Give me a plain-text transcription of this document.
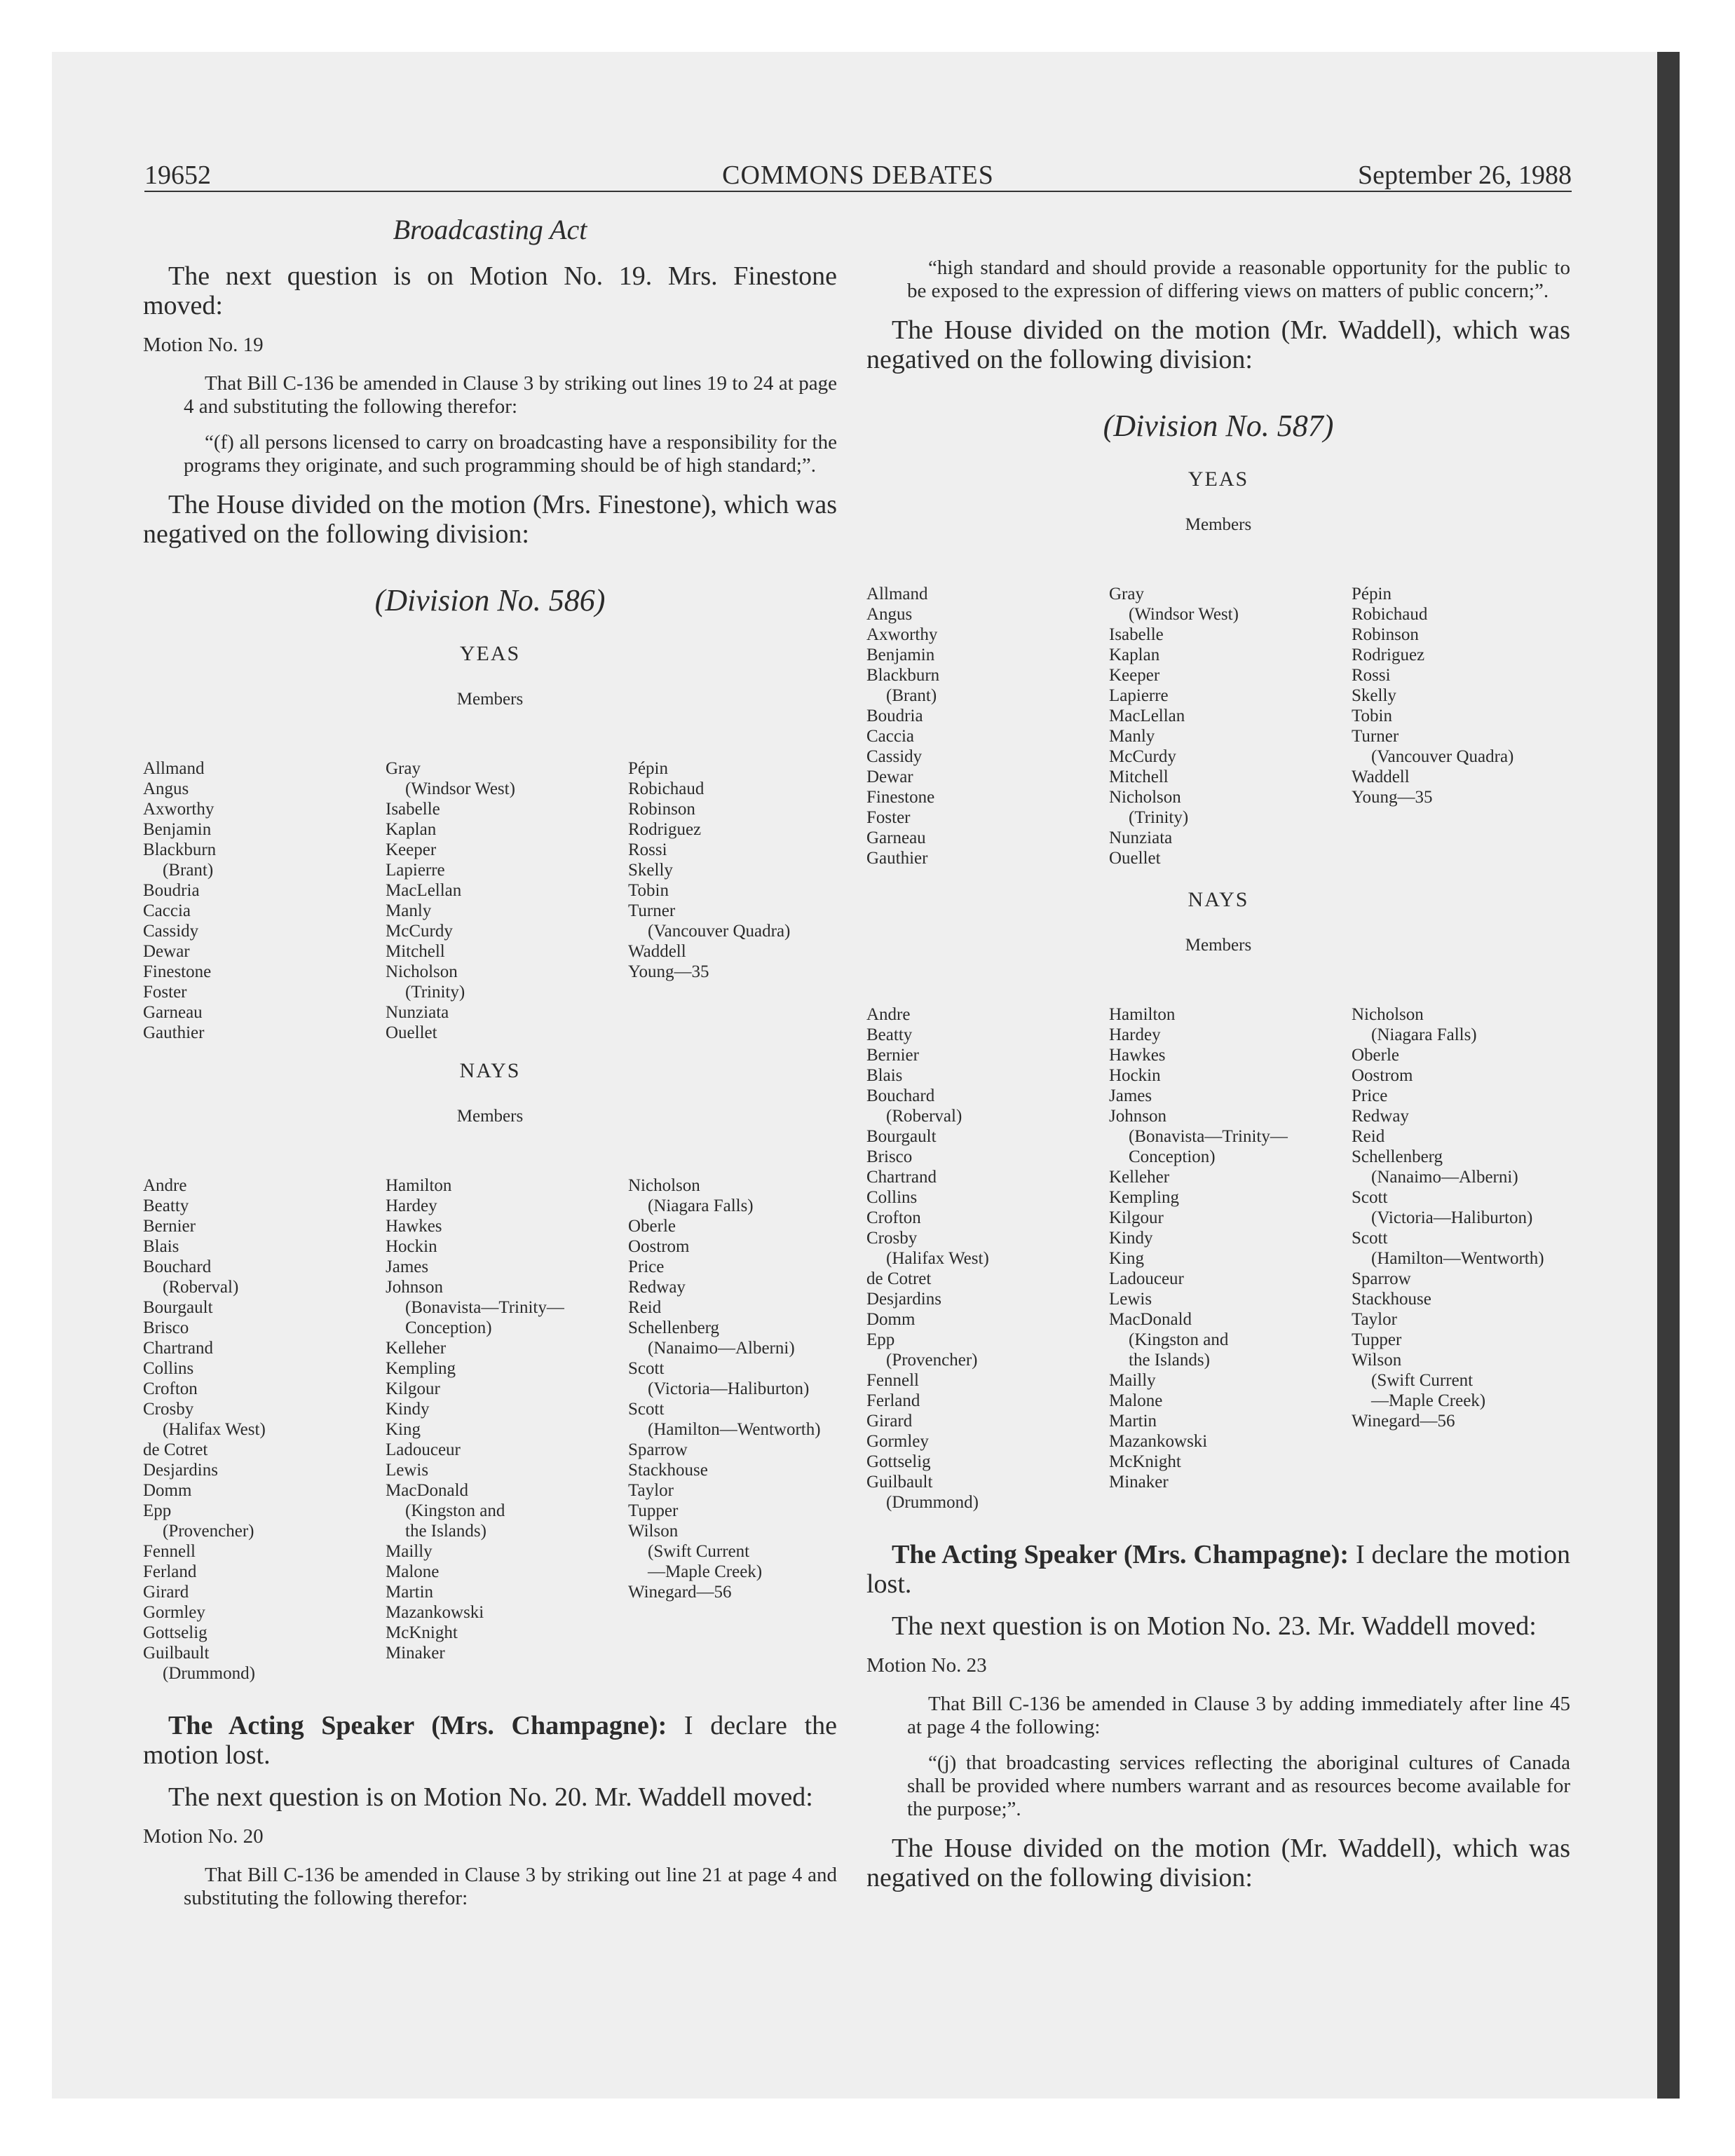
19652	COMMONS DEBATES	September 26, 1988
Broadcasting Act

The next question is on Motion No. 19. Mrs. Finestone moved:

Motion No. 19

That Bill C-136 be amended in Clause 3 by striking out lines 19 to 24 at page 4 and substituting the following therefor:

“(f) all persons licensed to carry on broadcasting have a responsibility for the programs they originate, and such programming should be of high standard;”.

The House divided on the motion (Mrs. Finestone), which was negatived on the following division:

(Division No. 586)
YEAS
Members
Allmand
Angus
Axworthy
Benjamin
Blackburn
(Brant)
Boudria
Caccia
Cassidy
Dewar
Finestone
Foster
Garneau
Gauthier
Gray
(Windsor West)
Isabelle
Kaplan
Keeper
Lapierre
MacLellan
Manly
McCurdy
Mitchell
Nicholson
(Trinity)
Nunziata
Ouellet
Pépin
Robichaud
Robinson
Rodriguez
Rossi
Skelly
Tobin
Turner
(Vancouver Quadra)
Waddell
Young—35
NAYS
Members
Andre
Beatty
Bernier
Blais
Bouchard
(Roberval)
Bourgault
Brisco
Chartrand
Collins
Crofton
Crosby
(Halifax West)
de Cotret
Desjardins
Domm
Epp
(Provencher)
Fennell
Ferland
Girard
Gormley
Gottselig
Guilbault
(Drummond)
Hamilton
Hardey
Hawkes
Hockin
James
Johnson
(Bonavista—Trinity—
Conception)
Kelleher
Kempling
Kilgour
Kindy
King
Ladouceur
Lewis
MacDonald
(Kingston and
the Islands)
Mailly
Malone
Martin
Mazankowski
McKnight
Minaker
Nicholson
(Niagara Falls)
Oberle
Oostrom
Price
Redway
Reid
Schellenberg
(Nanaimo—Alberni)
Scott
(Victoria—Haliburton)
Scott
(Hamilton—Wentworth)
Sparrow
Stackhouse
Taylor
Tupper
Wilson
(Swift Current
—Maple Creek)
Winegard—56

The Acting Speaker (Mrs. Champagne): I declare the motion lost.

The next question is on Motion No. 20. Mr. Waddell moved:

Motion No. 20

That Bill C-136 be amended in Clause 3 by striking out line 21 at page 4 and substituting the following therefor:

“high standard and should provide a reasonable opportunity for the public to be exposed to the expression of differing views on matters of public concern;”.

The House divided on the motion (Mr. Waddell), which was negatived on the following division:

(Division No. 587)
YEAS
Members
Allmand
Angus
Axworthy
Benjamin
Blackburn
(Brant)
Boudria
Caccia
Cassidy
Dewar
Finestone
Foster
Garneau
Gauthier
Gray
(Windsor West)
Isabelle
Kaplan
Keeper
Lapierre
MacLellan
Manly
McCurdy
Mitchell
Nicholson
(Trinity)
Nunziata
Ouellet
Pépin
Robichaud
Robinson
Rodriguez
Rossi
Skelly
Tobin
Turner
(Vancouver Quadra)
Waddell
Young—35
NAYS
Members
Andre
Beatty
Bernier
Blais
Bouchard
(Roberval)
Bourgault
Brisco
Chartrand
Collins
Crofton
Crosby
(Halifax West)
de Cotret
Desjardins
Domm
Epp
(Provencher)
Fennell
Ferland
Girard
Gormley
Gottselig
Guilbault
(Drummond)
Hamilton
Hardey
Hawkes
Hockin
James
Johnson
(Bonavista—Trinity—
Conception)
Kelleher
Kempling
Kilgour
Kindy
King
Ladouceur
Lewis
MacDonald
(Kingston and
the Islands)
Mailly
Malone
Martin
Mazankowski
McKnight
Minaker
Nicholson
(Niagara Falls)
Oberle
Oostrom
Price
Redway
Reid
Schellenberg
(Nanaimo—Alberni)
Scott
(Victoria—Haliburton)
Scott
(Hamilton—Wentworth)
Sparrow
Stackhouse
Taylor
Tupper
Wilson
(Swift Current
—Maple Creek)
Winegard—56

The Acting Speaker (Mrs. Champagne): I declare the motion lost.

The next question is on Motion No. 23. Mr. Waddell moved:

Motion No. 23

That Bill C-136 be amended in Clause 3 by adding immediately after line 45 at page 4 the following:

“(j) that broadcasting services reflecting the aboriginal cultures of Canada shall be provided where numbers warrant and as resources become available for the purpose;”.

The House divided on the motion (Mr. Waddell), which was negatived on the following division:
